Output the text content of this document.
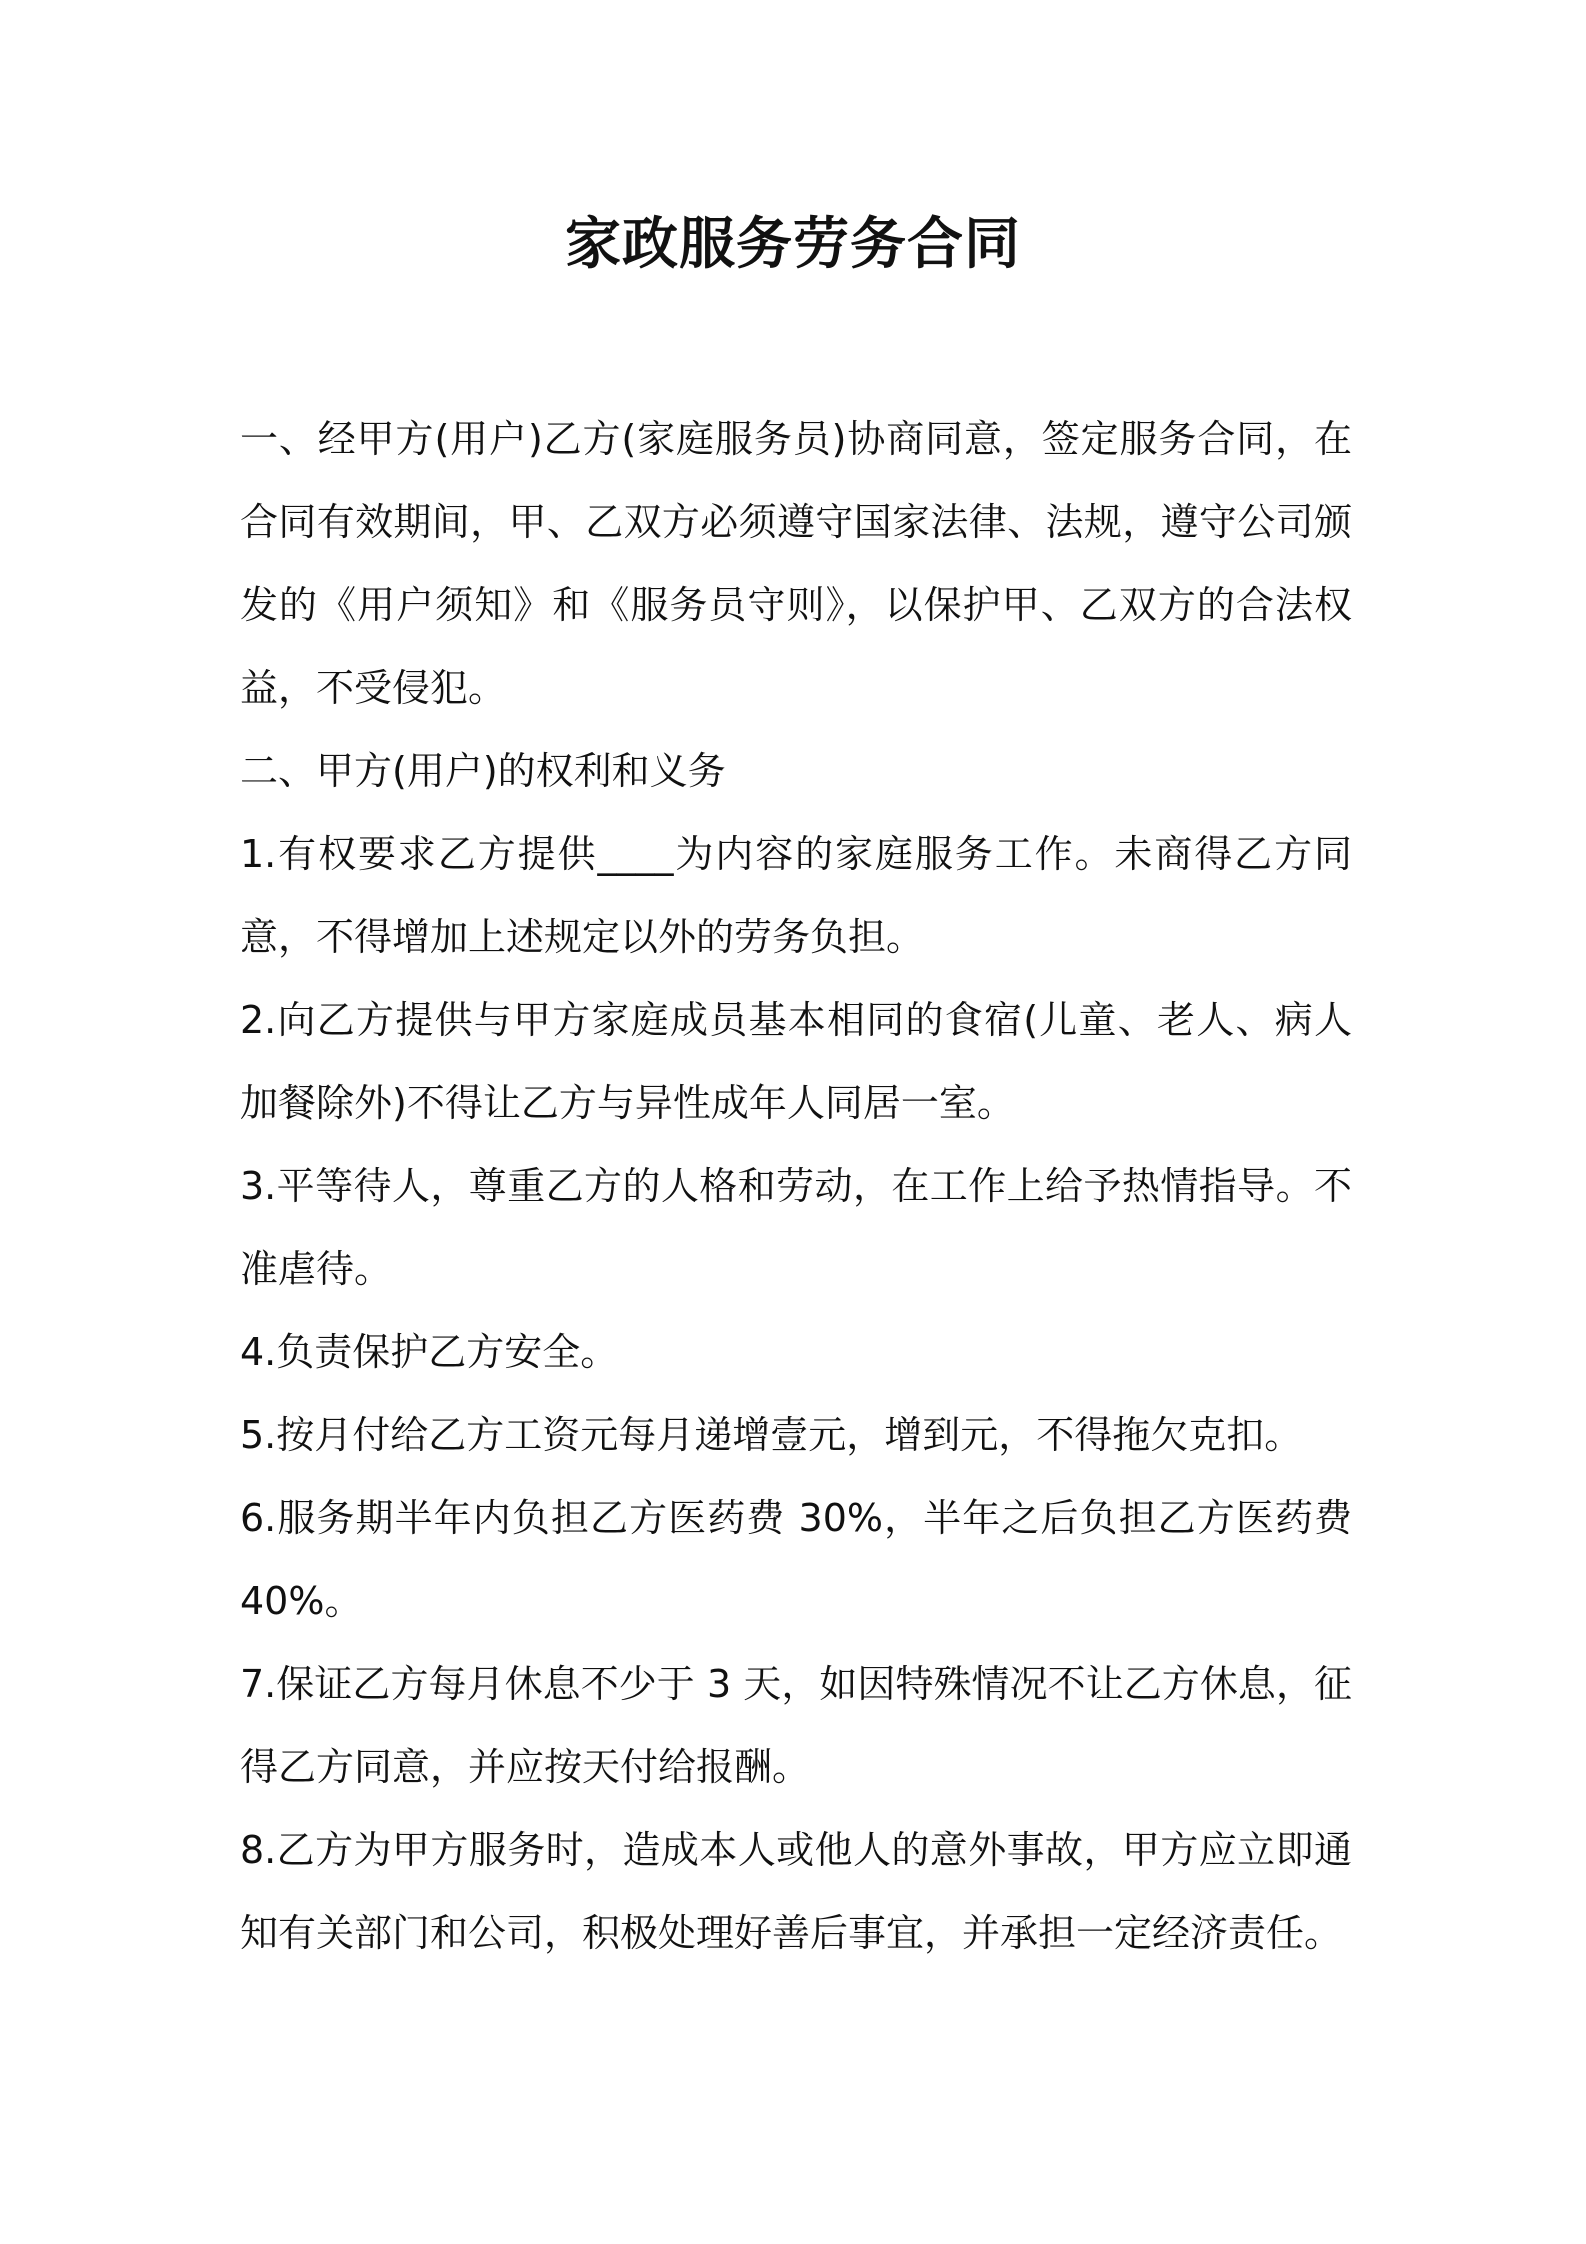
家政服务劳务合同

一、经甲方(用户)乙方(家庭服务员)协商同意，签定服务合同，在合同有效期间，甲、乙双方必须遵守国家法律、法规，遵守公司颁发的《用户须知》和《服务员守则》，以保护甲、乙双方的合法权益，不受侵犯。

二、甲方(用户)的权利和义务

1.有权要求乙方提供____为内容的家庭服务工作。未商得乙方同意，不得增加上述规定以外的劳务负担。

2.向乙方提供与甲方家庭成员基本相同的食宿(儿童、老人、病人加餐除外)不得让乙方与异性成年人同居一室。

3.平等待人，尊重乙方的人格和劳动，在工作上给予热情指导。不准虐待。

4.负责保护乙方安全。

5.按月付给乙方工资元每月递增壹元，增到元，不得拖欠克扣。

6.服务期半年内负担乙方医药费 30%，半年之后负担乙方医药费 40%。

7.保证乙方每月休息不少于 3 天，如因特殊情况不让乙方休息，征得乙方同意，并应按天付给报酬。

8.乙方为甲方服务时，造成本人或他人的意外事故，甲方应立即通知有关部门和公司，积极处理好善后事宜，并承担一定经济责任。
